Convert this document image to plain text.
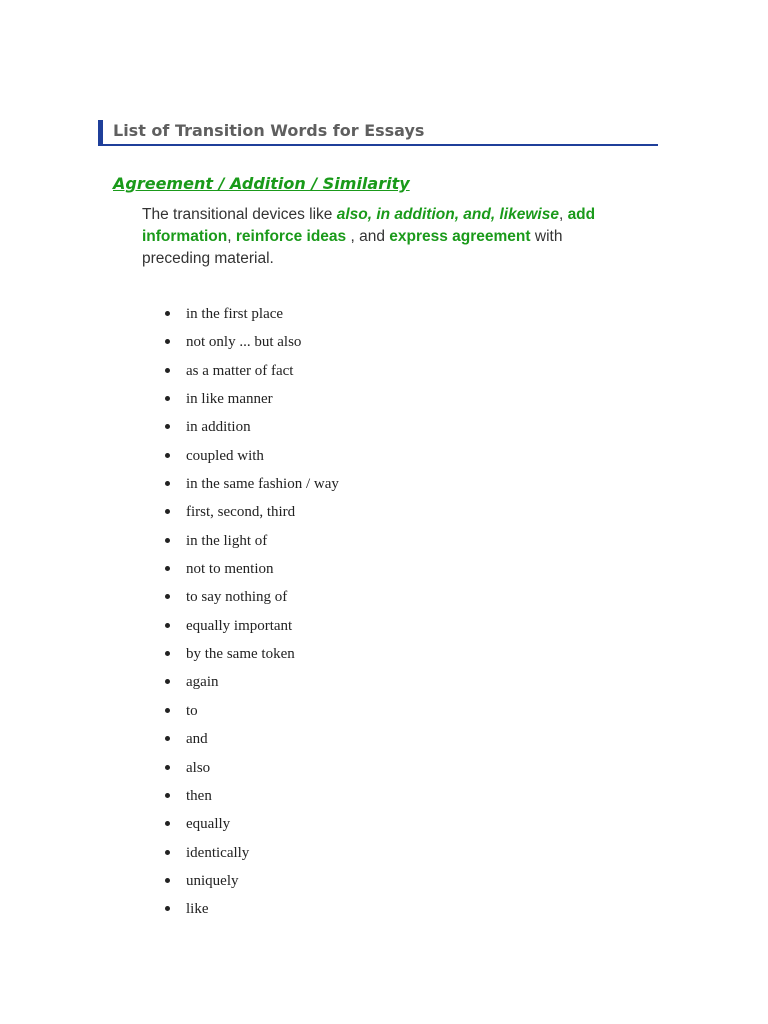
List of Transition Words for Essays
Agreement / Addition / Similarity
The transitional devices like also, in addition, and, likewise, add
information, reinforce ideas , and express agreement with preceding material.
in the first place
not only ... but also
as a matter of fact
in like manner
in addition
coupled with
in the same fashion / way
first, second, third
in the light of
not to mention
to say nothing of
equally important
by the same token
again
to
and
also
then
equally
identically
uniquely
like
